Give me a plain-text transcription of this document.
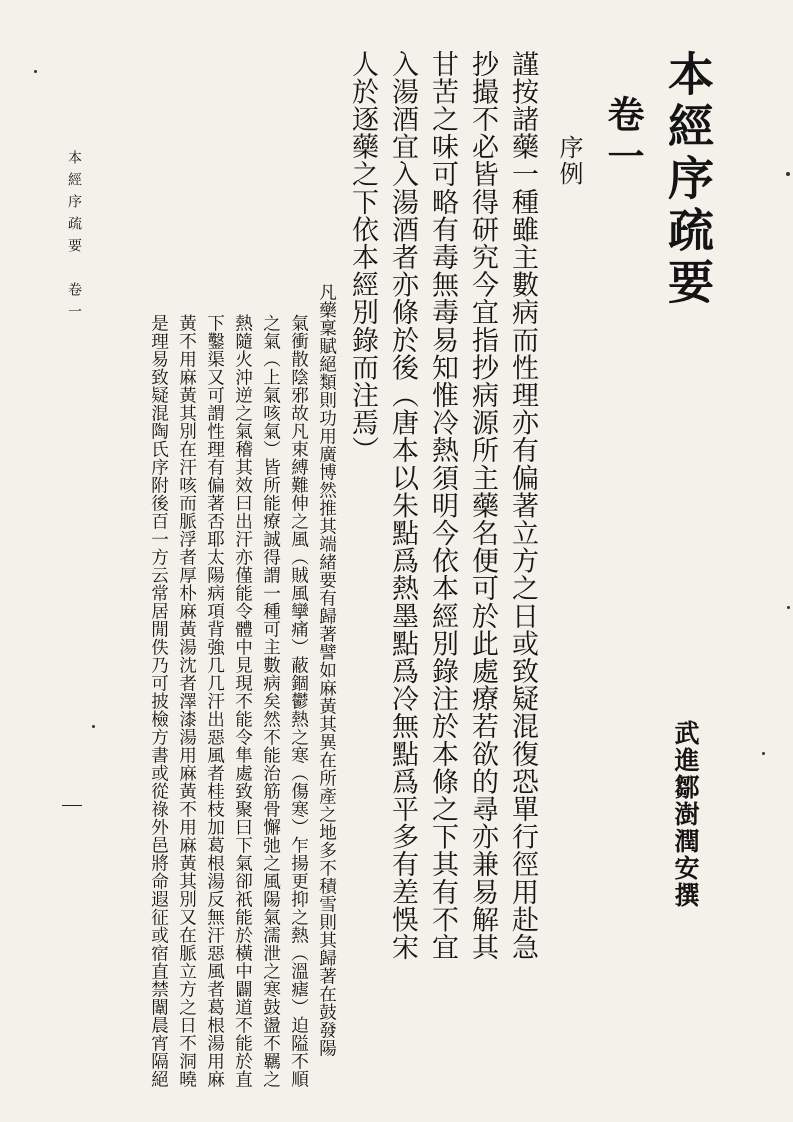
本經序疏要
卷一
序例
謹按諸藥一種雖主數病而性理亦有偏著立方之日或致疑混復恐單行徑用赴急
抄撮不必皆得研究今宜指抄病源所主藥名便可於此處療若欲的尋亦兼易解其
甘苦之味可略有毒無毒易知惟冷熱須明今依本經別錄注於本條之下其有不宜
入湯酒宜入湯酒者亦條於後（唐本以朱點爲熱墨點爲冷無點爲平多有差悞宋
人於逐藥之下依本經別錄而注焉）
武進鄒澍潤安撰
凡藥稟賦絕類則功用廣博然推其端緒要有歸著譬如麻黃其異在所產之地多不積雪則其歸著在鼓發陽
氣衝散陰邪故凡束縛難伸之風（賊風攣痛）蔽錮鬱熱之寒（傷寒）乍揚更抑之熱（溫瘧）迫隘不順
之氣（上氣咳氣）皆所能療誠得謂一種可主數病矣然不能治筋骨懈弛之風陽氣濡泄之寒鼓盪不羈之
熱隨火沖逆之氣稽其效曰出汗亦僅能令體中見現不能令隼處致聚曰下氣卻祇能於橫中闢道不能於直
下鑿渠又可謂性理有偏著否耶太陽病項背強几几汗出惡風者桂枝加葛根湯反無汗惡風者葛根湯用麻
黃不用麻黃其別在汗咳而脈浮者厚朴麻黃湯沈者澤漆湯用麻黃不用麻黃其別又在脈立方之日不洞曉
是理易致疑混陶氏序附後百一方云常居閒佚乃可披檢方書或從祿外邑將命遐征或宿直禁闈晨宵隔絕
本經序疏要　卷一
